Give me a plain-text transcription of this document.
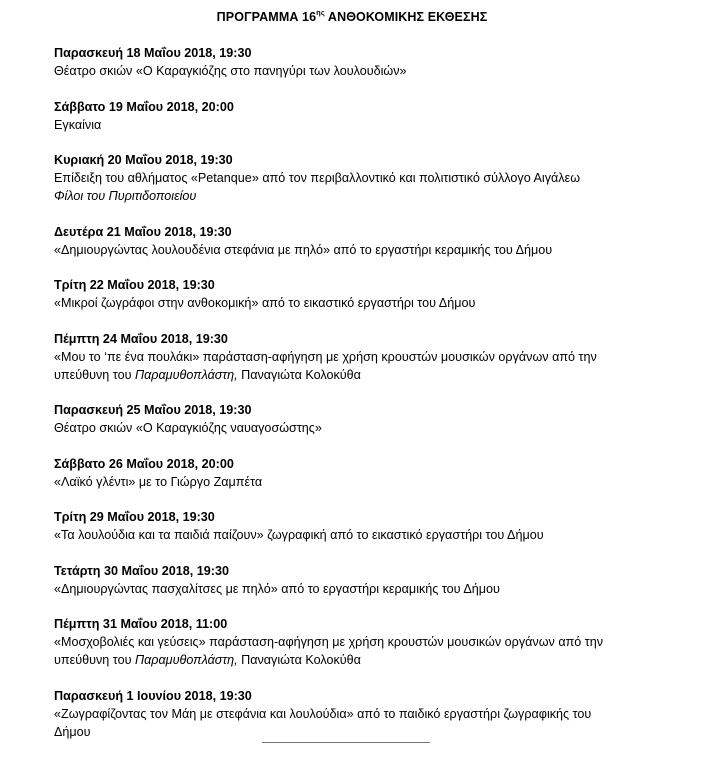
ΠΡΟΓΡΑΜΜΑ $16^{\eta\varsigma}$ ΑΝΘΟΚΟΜΙΚΗΣ ΕΚΘΕΣΗΣ
Παρασκευή 18 Μαΐου 2018, 19:30
Θέατρο σκιών «Ο Καραγκιόζης στο πανηγύρι των λουλουδιών»
Σάββατο 19 Μαΐου 2018, 20:00
Εγκαίνια
Κυριακή 20 Μαΐου 2018, 19:30
Επίδειξη του αθλήματος «Petanque» από τον περιβαλλοντικό και πολιτιστικό σύλλογο Αιγάλεω
Φίλοι του Πυριτιδοποιείου
Δευτέρα 21 Μαΐου 2018, 19:30
«Δημιουργώντας λουλουδένια στεφάνια με πηλό» από το εργαστήρι κεραμικής του Δήμου
Τρίτη 22 Μαΐου 2018, 19:30
«Μικροί ζωγράφοι στην ανθοκομική» από το εικαστικό εργαστήρι του Δήμου
Πέμπτη 24 Μαΐου 2018, 19:30
«Μου το ‘πε ένα πουλάκι» παράσταση-αφήγηση με χρήση κρουστών μουσικών οργάνων από την
υπεύθυνη του Παραμυθοπλάστη, Παναγιώτα Κολοκύθα
Παρασκευή 25 Μαΐου 2018, 19:30
Θέατρο σκιών «Ο Καραγκιόζης ναυαγοσώστης»
Σάββατο 26 Μαΐου 2018, 20:00
«Λαϊκό γλέντι» με το Γιώργο Ζαμπέτα
Τρίτη 29 Μαΐου 2018, 19:30
«Τα λουλούδια και τα παιδιά παίζουν» ζωγραφική από το εικαστικό εργαστήρι του Δήμου
Τετάρτη 30 Μαΐου 2018, 19:30
«Δημιουργώντας πασχαλίτσες με πηλό» από το εργαστήρι κεραμικής του Δήμου
Πέμπτη 31 Μαΐου 2018, 11:00
«Μοσχοβολιές και γεύσεις» παράσταση-αφήγηση με χρήση κρουστών μουσικών οργάνων από την
υπεύθυνη του Παραμυθοπλάστη, Παναγιώτα Κολοκύθα
Παρασκευή 1 Ιουνίου 2018, 19:30
«Ζωγραφίζοντας τον Μάη με στεφάνια και λουλούδια» από το παιδικό εργαστήρι ζωγραφικής του
Δήμου
